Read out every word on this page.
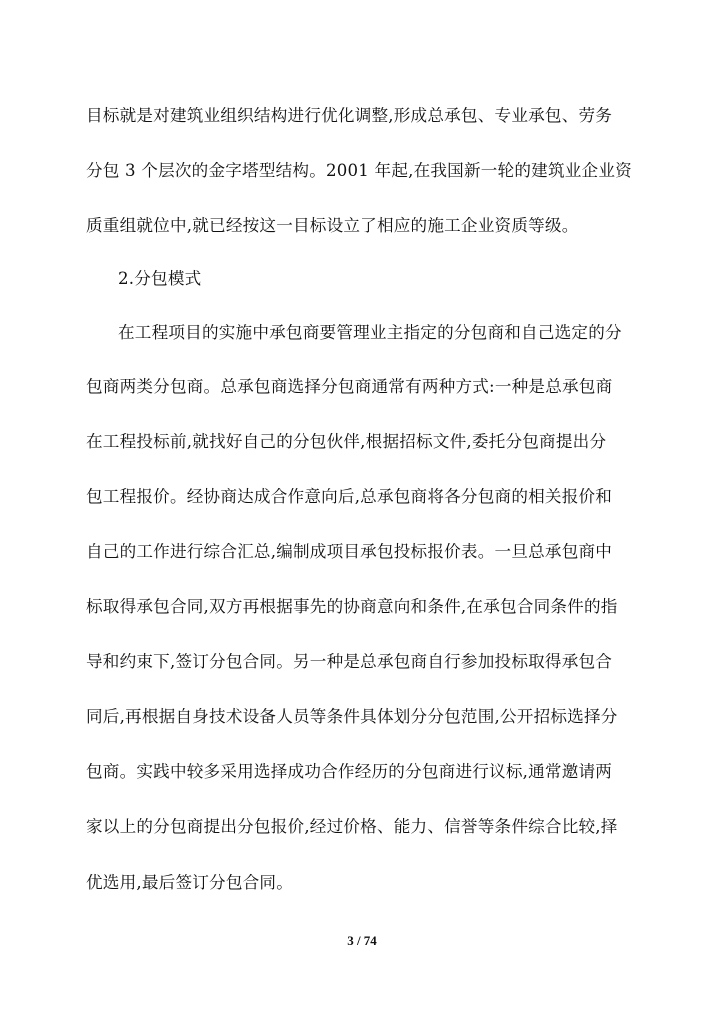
目标就是对建筑业组织结构进行优化调整,形成总承包、专业承包、劳务
分包 3 个层次的金字塔型结构。2001 年起,在我国新一轮的建筑业企业资
质重组就位中,就已经按这一目标设立了相应的施工企业资质等级。
2.分包模式
在工程项目的实施中承包商要管理业主指定的分包商和自己选定的分
包商两类分包商。总承包商选择分包商通常有两种方式:一种是总承包商
在工程投标前,就找好自己的分包伙伴,根据招标文件,委托分包商提出分
包工程报价。经协商达成合作意向后,总承包商将各分包商的相关报价和
自己的工作进行综合汇总,编制成项目承包投标报价表。一旦总承包商中
标取得承包合同,双方再根据事先的协商意向和条件,在承包合同条件的指
导和约束下,签订分包合同。另一种是总承包商自行参加投标取得承包合
同后,再根据自身技术设备人员等条件具体划分分包范围,公开招标选择分
包商。实践中较多采用选择成功合作经历的分包商进行议标,通常邀请两
家以上的分包商提出分包报价,经过价格、能力、信誉等条件综合比较,择
优选用,最后签订分包合同。
3 / 74
